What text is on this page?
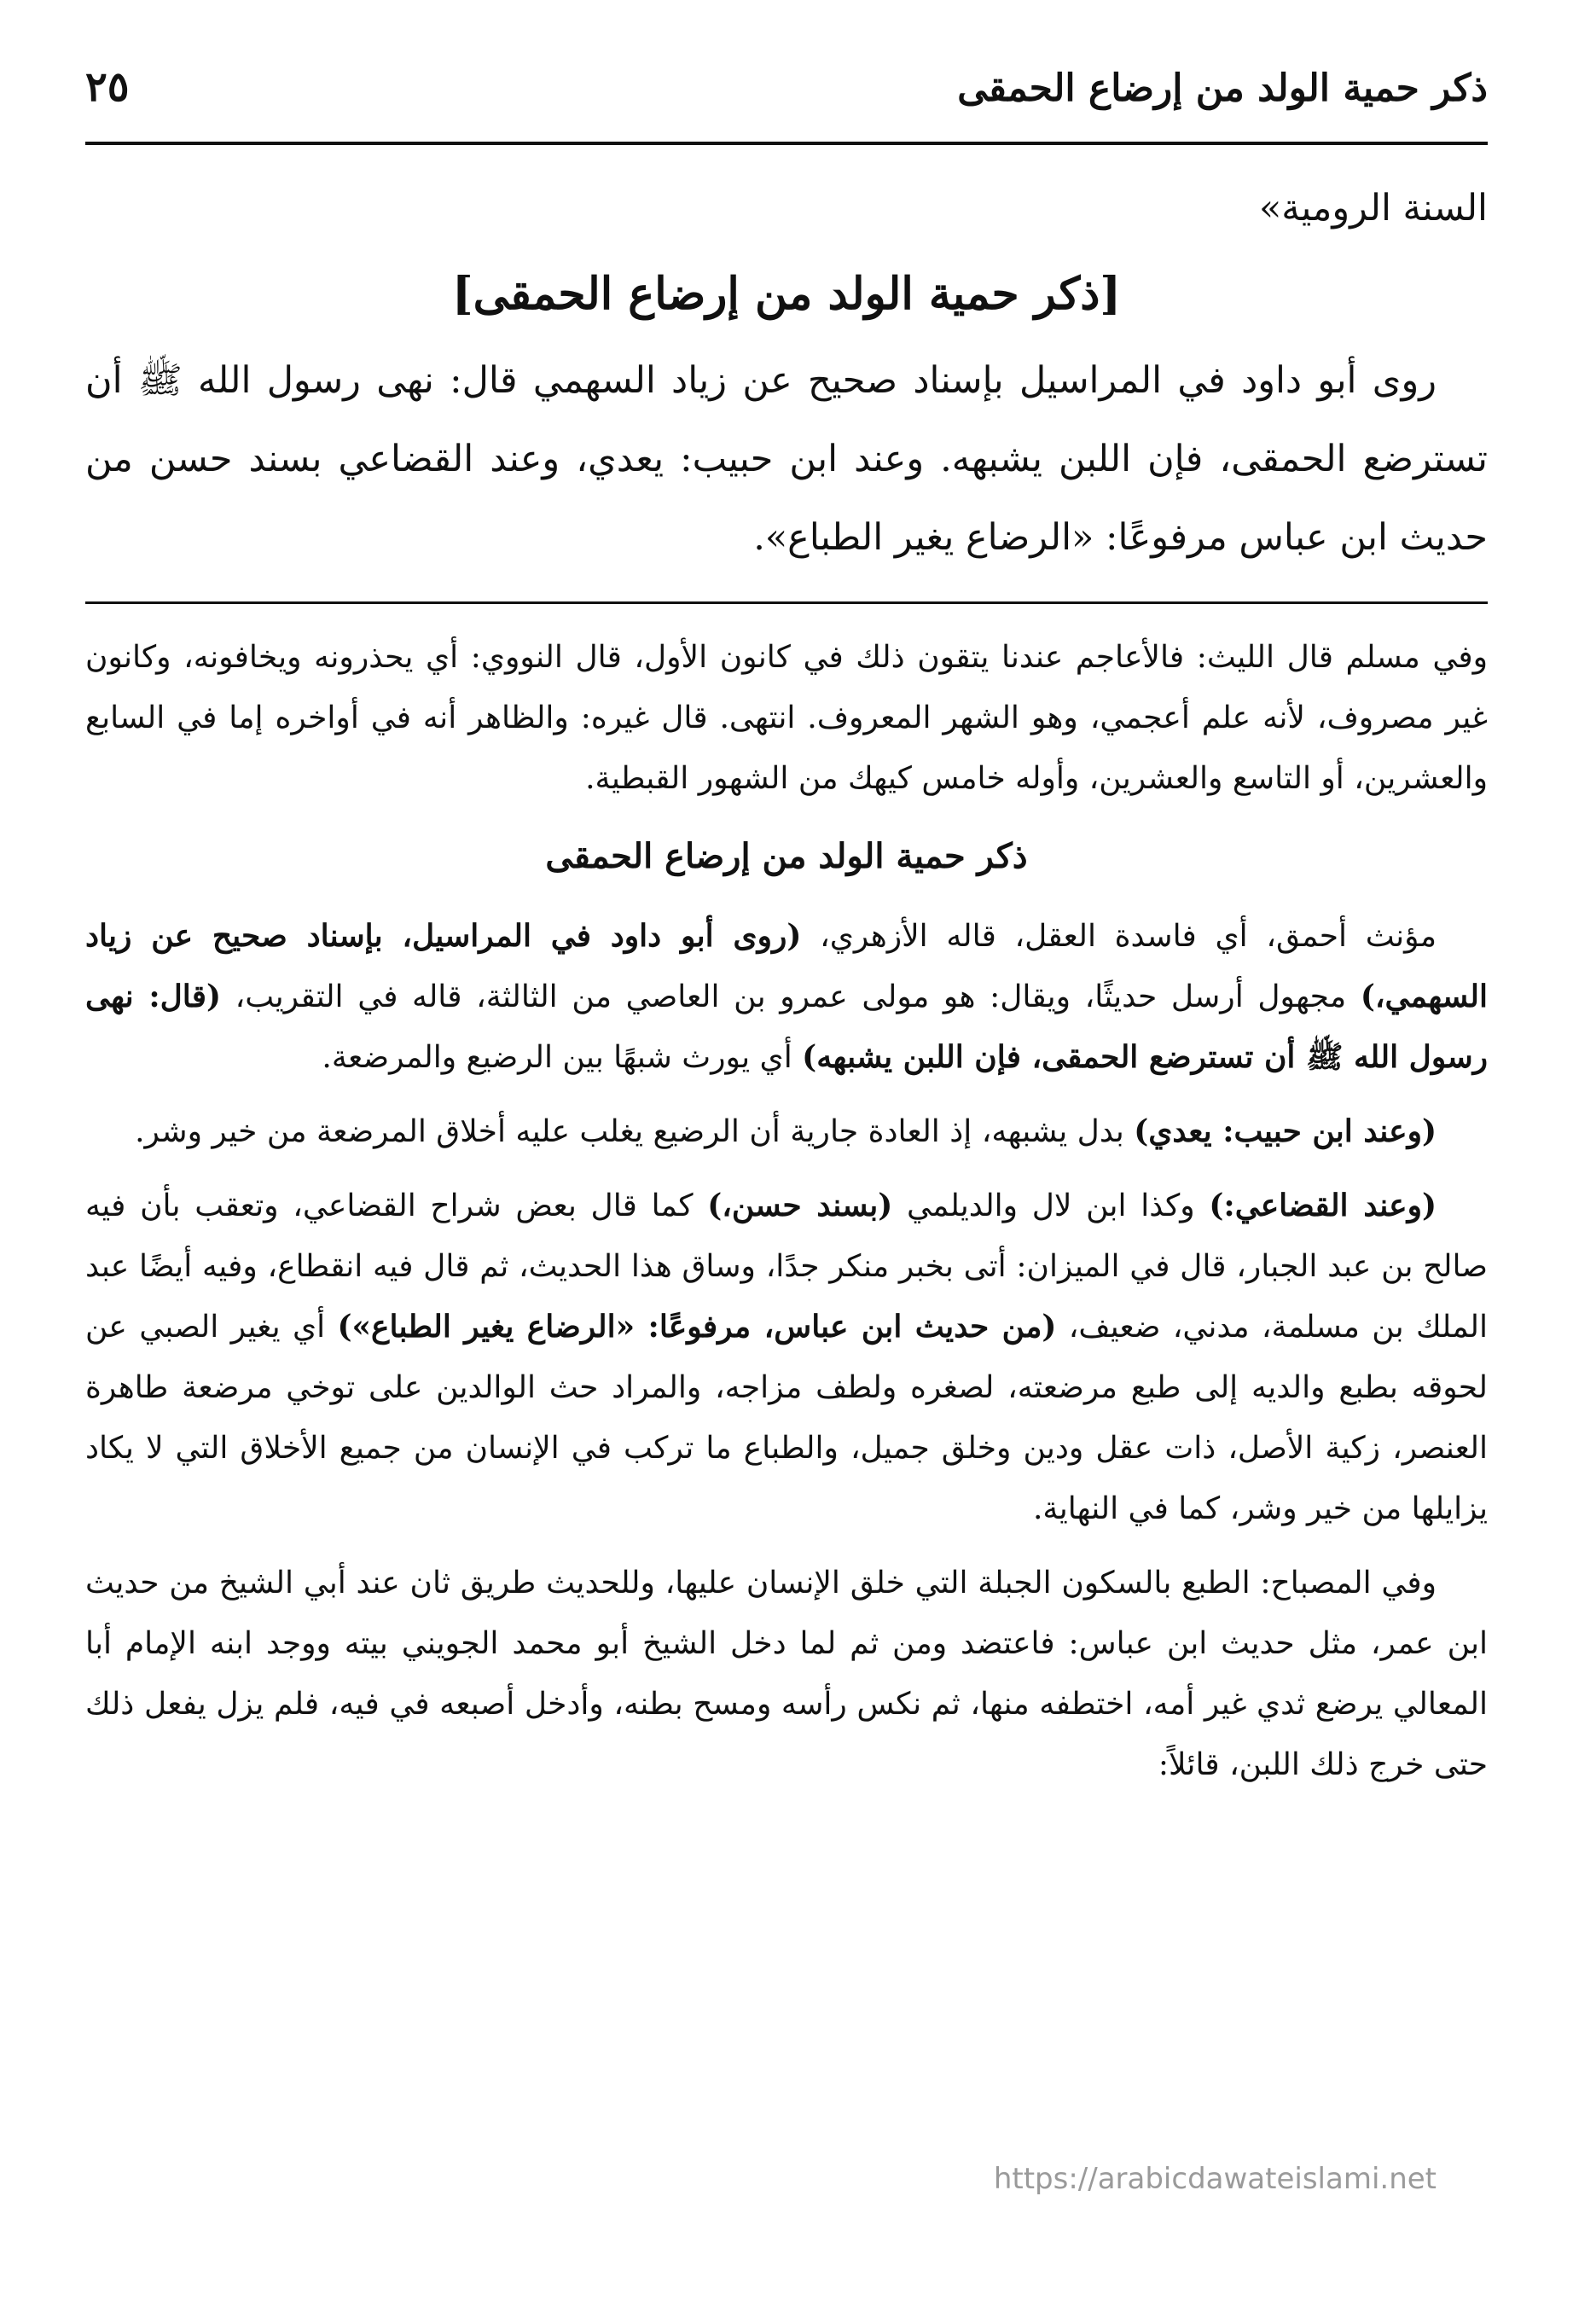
٢٥	ذكر حمية الولد من إرضاع الحمقى

السنة الرومية»

[ذكر حمية الولد من إرضاع الحمقى]

روى أبو داود في المراسيل بإسناد صحيح عن زياد السهمي قال: نهى رسول الله ﷺ أن تسترضع الحمقى، فإن اللبن يشبهه. وعند ابن حبيب: يعدي، وعند القضاعي بسند حسن من حديث ابن عباس مرفوعًا: «الرضاع يغير الطباع».

وفي مسلم قال الليث: فالأعاجم عندنا يتقون ذلك في كانون الأول، قال النووي: أي يحذرونه ويخافونه، وكانون غير مصروف، لأنه علم أعجمي، وهو الشهر المعروف. انتهى. قال غيره: والظاهر أنه في أواخره إما في السابع والعشرين، أو التاسع والعشرين، وأوله خامس كيهك من الشهور القبطية.

ذكر حمية الولد من إرضاع الحمقى

مؤنث أحمق، أي فاسدة العقل، قاله الأزهري، (روى أبو داود في المراسيل، بإسناد صحيح عن زياد السهمي،) مجهول أرسل حديثًا، ويقال: هو مولى عمرو بن العاصي من الثالثة، قاله في التقريب، (قال: نهى رسول الله ﷺ أن تسترضع الحمقى، فإن اللبن يشبهه) أي يورث شبهًا بين الرضيع والمرضعة.

(وعند ابن حبيب: يعدي) بدل يشبهه، إذ العادة جارية أن الرضيع يغلب عليه أخلاق المرضعة من خير وشر.

(وعند القضاعي:) وكذا ابن لال والديلمي (بسند حسن،) كما قال بعض شراح القضاعي، وتعقب بأن فيه صالح بن عبد الجبار، قال في الميزان: أتى بخبر منكر جدًا، وساق هذا الحديث، ثم قال فيه انقطاع، وفيه أيضًا عبد الملك بن مسلمة، مدني، ضعيف، (من حديث ابن عباس، مرفوعًا: «الرضاع يغير الطباع») أي يغير الصبي عن لحوقه بطبع والديه إلى طبع مرضعته، لصغره ولطف مزاجه، والمراد حث الوالدين على توخي مرضعة طاهرة العنصر، زكية الأصل، ذات عقل ودين وخلق جميل، والطباع ما تركب في الإنسان من جميع الأخلاق التي لا يكاد يزايلها من خير وشر، كما في النهاية.

وفي المصباح: الطبع بالسكون الجبلة التي خلق الإنسان عليها، وللحديث طريق ثان عند أبي الشيخ من حديث ابن عمر، مثل حديث ابن عباس: فاعتضد ومن ثم لما دخل الشيخ أبو محمد الجويني بيته ووجد ابنه الإمام أبا المعالي يرضع ثدي غير أمه، اختطفه منها، ثم نكس رأسه ومسح بطنه، وأدخل أصبعه في فيه، فلم يزل يفعل ذلك حتى خرج ذلك اللبن، قائلاً:

https://arabicdawateislami.net
